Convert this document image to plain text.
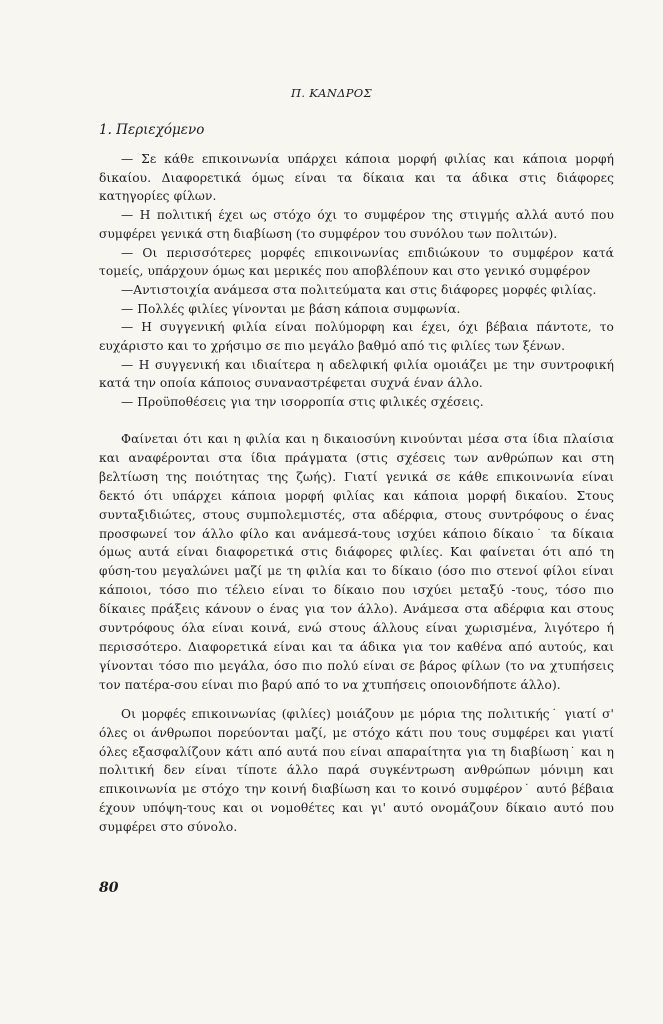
Π. ΚΑΝΔΡΟΣ
1. Περιεχόμενο

— Σε κάθε επικοινωνία υπάρχει κάποια μορφή φιλίας και κάποια μορφή δικαίου. Διαφορετικά όμως είναι τα δίκαια και τα άδικα στις διάφορες κατηγορίες φίλων.

— Η πολιτική έχει ως στόχο όχι το συμφέρον της στιγμής αλλά αυτό που συμφέρει γενικά στη διαβίωση (το συμφέρον του συνόλου των πολιτών).

— Οι περισσότερες μορφές επικοινωνίας επιδιώκουν το συμφέρον κατά τομείς, υπάρχουν όμως και μερικές που αποβλέπουν και στο γενικό συμφέρον

—Αντιστοιχία ανάμεσα στα πολιτεύματα και στις διάφορες μορφές φιλίας.

— Πολλές φιλίες γίνονται με βάση κάποια συμφωνία.

— Η συγγενική φιλία είναι πολύμορφη και έχει, όχι βέβαια πάντοτε, το ευχάριστο και το χρήσιμο σε πιο μεγάλο βαθμό από τις φιλίες των ξένων.

— Η συγγενική και ιδιαίτερα η αδελφική φιλία ομοιάζει με την συντροφική κατά την οποία κάποιος συναναστρέφεται συχνά έναν άλλο.

— Προϋποθέσεις για την ισορροπία στις φιλικές σχέσεις.

Φαίνεται ότι και η φιλία και η δικαιοσύνη κινούνται μέσα στα ίδια πλαίσια και αναφέρονται στα ίδια πράγματα (στις σχέσεις των ανθρώπων και στη βελτίωση της ποιότητας της ζωής). Γιατί γενικά σε κάθε επικοινωνία είναι δεκτό ότι υπάρχει κάποια μορφή φιλίας και κάποια μορφή δικαίου. Στους συνταξιδιώτες, στους συμπολεμιστές, στα αδέρφια, στους συντρόφους ο ένας προσφωνεί τον άλλο φίλο και ανάμεσά-τους ισχύει κάποιο δίκαιο˙ τα δίκαια όμως αυτά είναι διαφορετικά στις διάφορες φιλίες. Και φαίνεται ότι από τη φύση-του μεγαλώνει μαζί με τη φιλία και το δίκαιο (όσο πιο στενοί φίλοι είναι κάποιοι, τόσο πιο τέλειο είναι το δίκαιο που ισχύει μεταξύ -τους, τόσο πιο δίκαιες πράξεις κάνουν ο ένας για τον άλλο). Ανάμεσα στα αδέρφια και στους συντρόφους όλα είναι κοινά, ενώ στους άλλους είναι χωρισμένα, λιγότερο ή περισσότερο. Διαφορετικά είναι και τα άδικα για τον καθένα από αυτούς, και γίνονται τόσο πιο μεγάλα, όσο πιο πολύ είναι σε βάρος φίλων (το να χτυπήσεις τον πατέρα-σου είναι πιο βαρύ από το να χτυπήσεις οποιονδήποτε άλλο).

Οι μορφές επικοινωνίας (φιλίες) μοιάζουν με μόρια της πολιτικής˙ γιατί σ' όλες οι άνθρωποι πορεύονται μαζί, με στόχο κάτι που τους συμφέρει και γιατί όλες εξασφαλίζουν κάτι από αυτά που είναι απαραίτητα για τη διαβίωση˙ και η πολιτική δεν είναι τίποτε άλλο παρά συγκέντρωση ανθρώπων μόνιμη και επικοινωνία με στόχο την κοινή διαβίωση και το κοινό συμφέρον˙ αυτό βέβαια έχουν υπόψη-τους και οι νομοθέτες και γι' αυτό ονομάζουν δίκαιο αυτό που συμφέρει στο σύνολο.

80
